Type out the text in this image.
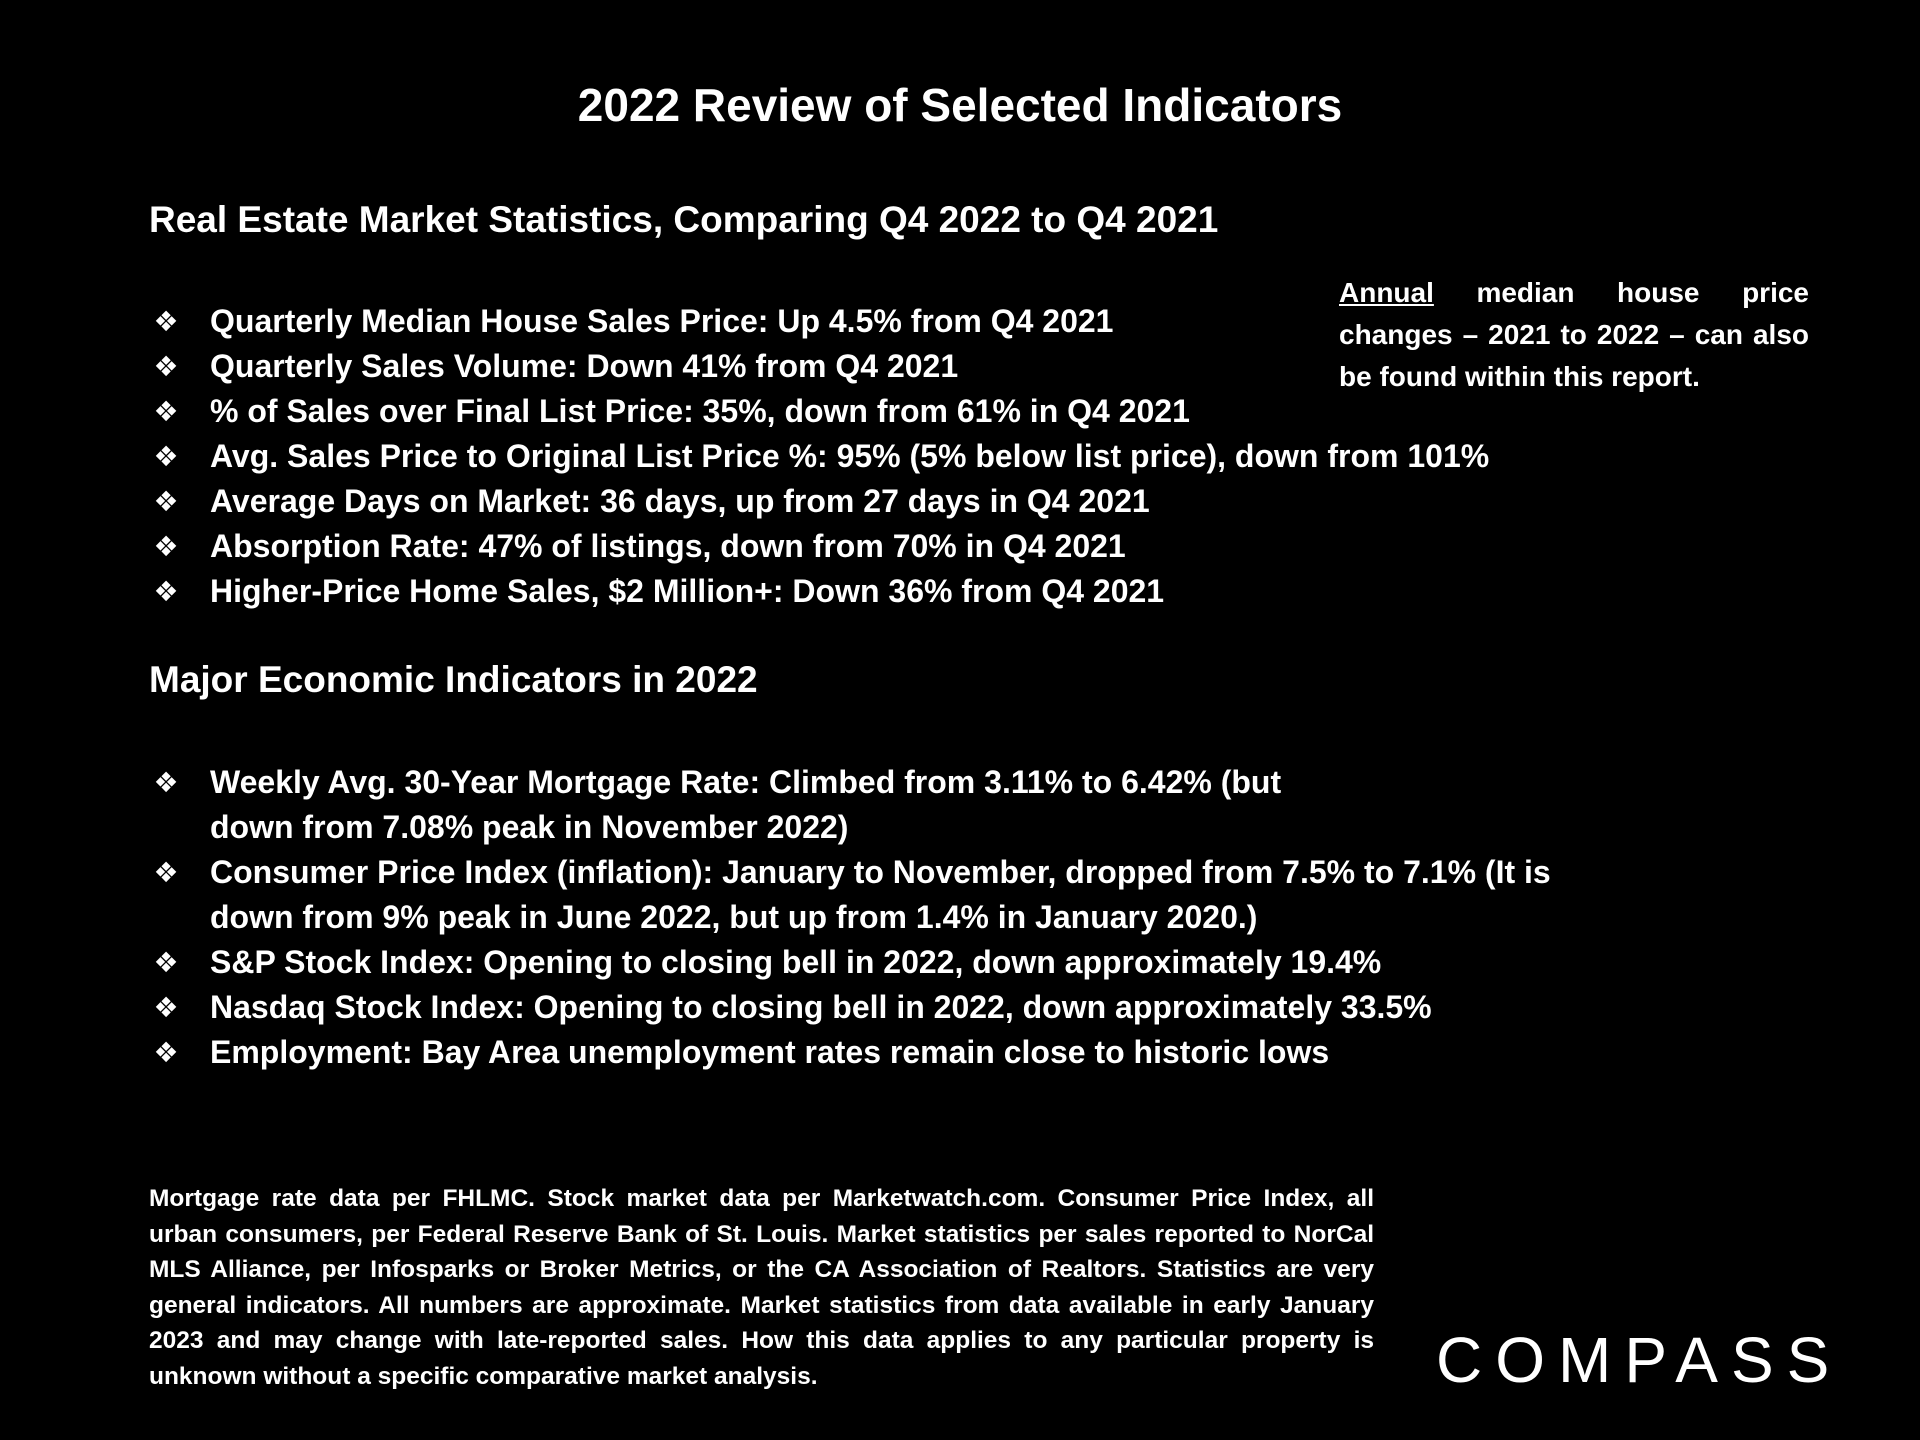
2022 Review of Selected Indicators
Real Estate Market Statistics, Comparing Q4 2022 to Q4 2021
❖ Quarterly Median House Sales Price: Up 4.5% from Q4 2021
❖ Quarterly Sales Volume: Down 41% from Q4 2021
❖ % of Sales over Final List Price: 35%, down from 61% in Q4 2021
❖ Avg. Sales Price to Original List Price %: 95% (5% below list price), down from 101%
❖ Average Days on Market: 36 days, up from 27 days in Q4 2021
❖ Absorption Rate: 47% of listings, down from 70% in Q4 2021
❖ Higher-Price Home Sales, $2 Million+: Down 36% from Q4 2021
Annual median house price changes – 2021 to 2022 – can also be found within this report.
Major Economic Indicators in 2022
❖ Weekly Avg. 30-Year Mortgage Rate: Climbed from 3.11% to 6.42% (but
down from 7.08% peak in November 2022)
❖ Consumer Price Index (inflation): January to November, dropped from 7.5% to 7.1% (It is
down from 9% peak in June 2022, but up from 1.4% in January 2020.)
❖ S&P Stock Index: Opening to closing bell in 2022, down approximately 19.4%
❖ Nasdaq Stock Index: Opening to closing bell in 2022, down approximately 33.5%
❖ Employment: Bay Area unemployment rates remain close to historic lows
Mortgage rate data per FHLMC. Stock market data per Marketwatch.com. Consumer Price Index, all urban consumers, per Federal Reserve Bank of St. Louis. Market statistics per sales reported to NorCal MLS Alliance, per Infosparks or Broker Metrics, or the CA Association of Realtors. Statistics are very general indicators. All numbers are approximate. Market statistics from data available in early January 2023 and may change with late-reported sales. How this data applies to any particular property is unknown without a specific comparative market analysis.	COMPASS
